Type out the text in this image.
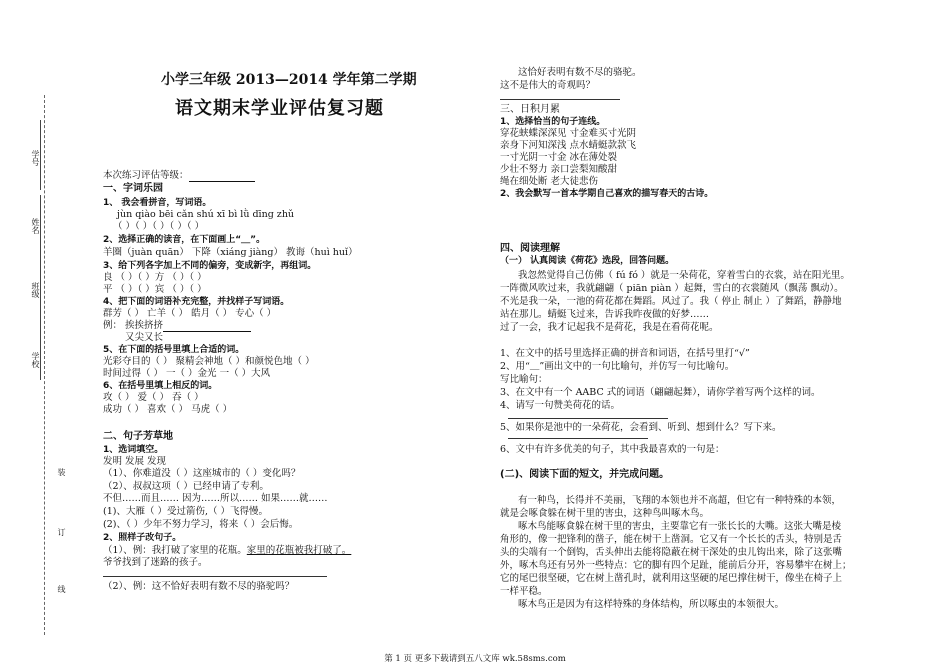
学号
姓名
班级
学校
装
订
线
小学三年级 2013—2014 学年第二学期
语文期末学业评估复习题
本次练习评估等级：
一、字词乐园
1、 我会看拼音，写词语。
jùn qiào bēi cǎn shú xī bì lǜ dīng zhǔ
（ ）（ ）（ ）（ ）（ ）
2、选择正确的读音，在下面画上“＿”。
羊圈（juàn quān） 下降（xiáng jiàng） 教诲（huì huǐ）
3、给下列各字加上不同的偏旁，变成新字，再组词。
良 （ ）（ ）方 （ ）（ ）
平 （ ）（ ）宾 （ ）（ ）
4、把下面的词语补充完整，并找样子写词语。
群芳（ ） 亡羊（ ） 皓月（ ） 专心（ ）
例： 挨挨挤挤
又尖又长
5、在下面的括号里填上合适的词。
光彩夺目的（ ） 聚精会神地（ ）和颜悦色地（ ）
时间过得（ ） 一（ ）金光 一（ ）大风
6、在括号里填上相反的词。
攻（ ） 爱（ ） 吞（ ）
成功（ ） 喜欢（ ） 马虎（ ）
二、句子芳草地
1、选词填空。
发明 发展 发现
（1）、你难道没（ ）这座城市的（ ）变化吗？
（2）、叔叔这项（ ）已经申请了专利。
不但……而且…… 因为……所以…… 如果……就……
(1)、大雁（ ）受过箭伤,（ ）飞得慢。
(2)、（ ）少年不努力学习，将来（ ）会后悔。
2、照样子改句子。
（1）、例：我打破了家里的花瓶。家里的花瓶被我打破了。
爷爷找到了迷路的孩子。
（2）、例：这不恰好表明有数不尽的骆驼吗？
这恰好表明有数不尽的骆驼。
这不是伟大的奇观吗？
三、日积月累
1、选择恰当的句子连线。
穿花蛱蝶深深见 寸金难买寸光阴
亲身下河知深浅 点水蜻蜓款款飞
一寸光阴一寸金 冰在薄处裂
少壮不努力 亲口尝梨知酸甜
绳在细处断 老大徒悲伤
2、我会默写一首本学期自己喜欢的描写春天的古诗。
四、阅读理解
（一） 认真阅读《荷花》选段，回答问题。
我忽然觉得自己仿佛（ fú fó ）就是一朵荷花，穿着雪白的衣裳，站在阳光里。
一阵微风吹过来，我就翩翩（ piān piàn ）起舞，雪白的衣裳随风（飘荡 飘动）。
不光是我一朵，一池的荷花都在舞蹈。风过了。我（ 停止 制止 ）了舞蹈，静静地
站在那儿。蜻蜓飞过来，告诉我昨夜做的好梦……
过了一会，我才记起我不是荷花，我是在看荷花呢。
1、在文中的括号里选择正确的拼音和词语，在括号里打“√”
2、用“＿”画出文中的一句比喻句，并仿写一句比喻句。
写比喻句：
3、在文中有一个 AABC 式的词语（翩翩起舞），请你学着写两个这样的词。
4、请写一句赞美荷花的话。
5、如果你是池中的一朵荷花，会看到、听到、想到什么？写下来。
6、文中有许多优美的句子，其中我最喜欢的一句是：
(二)、阅读下面的短文，并完成问题。
有一种鸟，长得并不美丽，飞翔的本领也并不高超，但它有一种特殊的本领，
就是会啄食躲在树干里的害虫，这种鸟叫啄木鸟。
啄木鸟能啄食躲在树干里的害虫，主要靠它有一张长长的大嘴。这张大嘴是棱
角形的，像一把锋利的凿子，能在树干上凿洞。它又有一个长长的舌头，特别是舌
头的尖端有一个倒钩，舌头伸出去能将隐蔽在树干深处的虫儿钩出来，除了这张嘴
外，啄木鸟还有另外一些特点：它的脚有四个足趾，能前后分开，容易攀牢在树上；
它的尾巴很坚硬，它在树上凿孔时，就利用这坚硬的尾巴撑住树干，像坐在椅子上
一样平稳。
啄木鸟正是因为有这样特殊的身体结构，所以啄虫的本领很大。
第 1 页 更多下载请到五八文库 wk.58sms.com
